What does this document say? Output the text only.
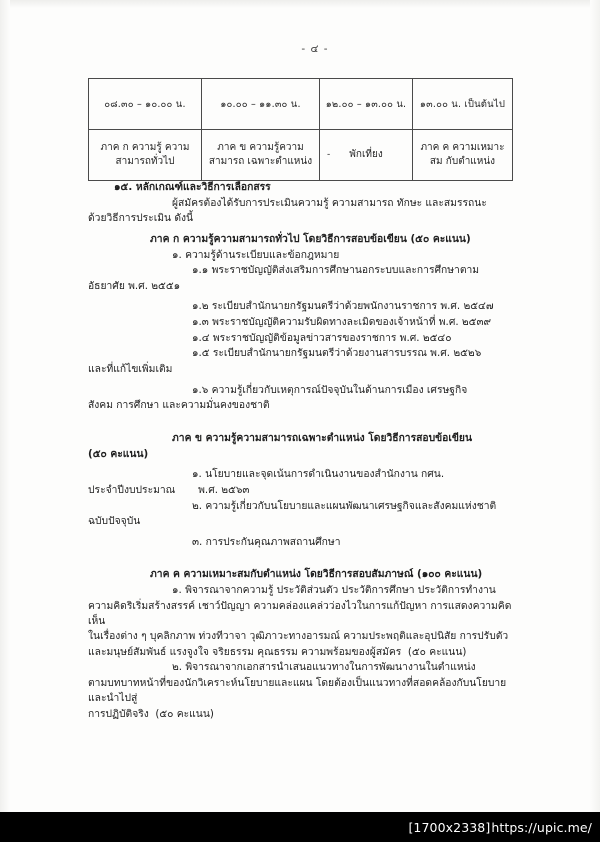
- ๔ -
๐๘.๓๐ – ๑๐.๐๐ น.	๑๐.๐๐ – ๑๑.๓๐ น.	๑๒.๐๐ – ๑๓.๐๐ น.	๑๓.๐๐ น. เป็นต้นไป
ภาค ก ความรู้ ความสามารถทั่วไป	ภาค ข ความรู้ความสามารถ เฉพาะตำแหน่ง	- พักเที่ยง	ภาค ค ความเหมาะสม กับตำแหน่ง
๑๕. หลักเกณฑ์และวิธีการเลือกสรร
ผู้สมัครต้องได้รับการประเมินความรู้ ความสามารถ ทักษะ และสมรรถนะ
ด้วยวิธีการประเมิน ดังนี้
ภาค ก ความรู้ความสามารถทั่วไป โดยวิธีการสอบข้อเขียน (๕๐ คะแนน)
๑. ความรู้ด้านระเบียบและข้อกฎหมาย
๑.๑ พระราชบัญญัติส่งเสริมการศึกษานอกระบบและการศึกษาตาม
อัธยาศัย พ.ศ. ๒๕๕๑
๑.๒ ระเบียบสำนักนายกรัฐมนตรีว่าด้วยพนักงานราชการ พ.ศ. ๒๕๔๗
๑.๓ พระราชบัญญัติความรับผิดทางละเมิดของเจ้าหน้าที่ พ.ศ. ๒๕๓๙
๑.๔ พระราชบัญญัติข้อมูลข่าวสารของราชการ พ.ศ. ๒๕๔๐
๑.๕ ระเบียบสำนักนายกรัฐมนตรีว่าด้วยงานสารบรรณ พ.ศ. ๒๕๒๖
และที่แก้ไขเพิ่มเติม
๑.๖ ความรู้เกี่ยวกับเหตุการณ์ปัจจุบันในด้านการเมือง เศรษฐกิจ
สังคม การศึกษา และความมั่นคงของชาติ
ภาค ข ความรู้ความสามารถเฉพาะตำแหน่ง โดยวิธีการสอบข้อเขียน
(๕๐ คะแนน)
๑. นโยบายและจุดเน้นการดำเนินงานของสำนักงาน กศน.
ประจำปีงบประมาณ       พ.ศ. ๒๕๖๓
๒. ความรู้เกี่ยวกับนโยบายและแผนพัฒนาเศรษฐกิจและสังคมแห่งชาติ
ฉบับปัจจุบัน
๓. การประกันคุณภาพสถานศึกษา
ภาค ค ความเหมาะสมกับตำแหน่ง โดยวิธีการสอบสัมภาษณ์ (๑๐๐ คะแนน)
๑. พิจารณาจากความรู้ ประวัติส่วนตัว ประวัติการศึกษา ประวัติการทำงาน
ความคิดริเริ่มสร้างสรรค์ เชาว์ปัญญา ความคล่องแคล่วว่องไวในการแก้ปัญหา การแสดงความคิดเห็น
ในเรื่องต่าง ๆ บุคลิกภาพ ท่วงทีวาจา วุฒิภาวะทางอารมณ์ ความประพฤติและอุปนิสัย การปรับตัว
และมนุษย์สัมพันธ์ แรงจูงใจ จริยธรรม คุณธรรม ความพร้อมของผู้สมัคร  (๕๐ คะแนน)
๒. พิจารณาจากเอกสารนำเสนอแนวทางในการพัฒนางานในตำแหน่ง
ตามบทบาทหน้าที่ของนักวิเคราะห์นโยบายและแผน โดยต้องเป็นแนวทางที่สอดคล้องกับนโยบายและนำไปสู่
การปฏิบัติจริง  (๕๐ คะแนน)
[1700x2338] https://upic.me/
